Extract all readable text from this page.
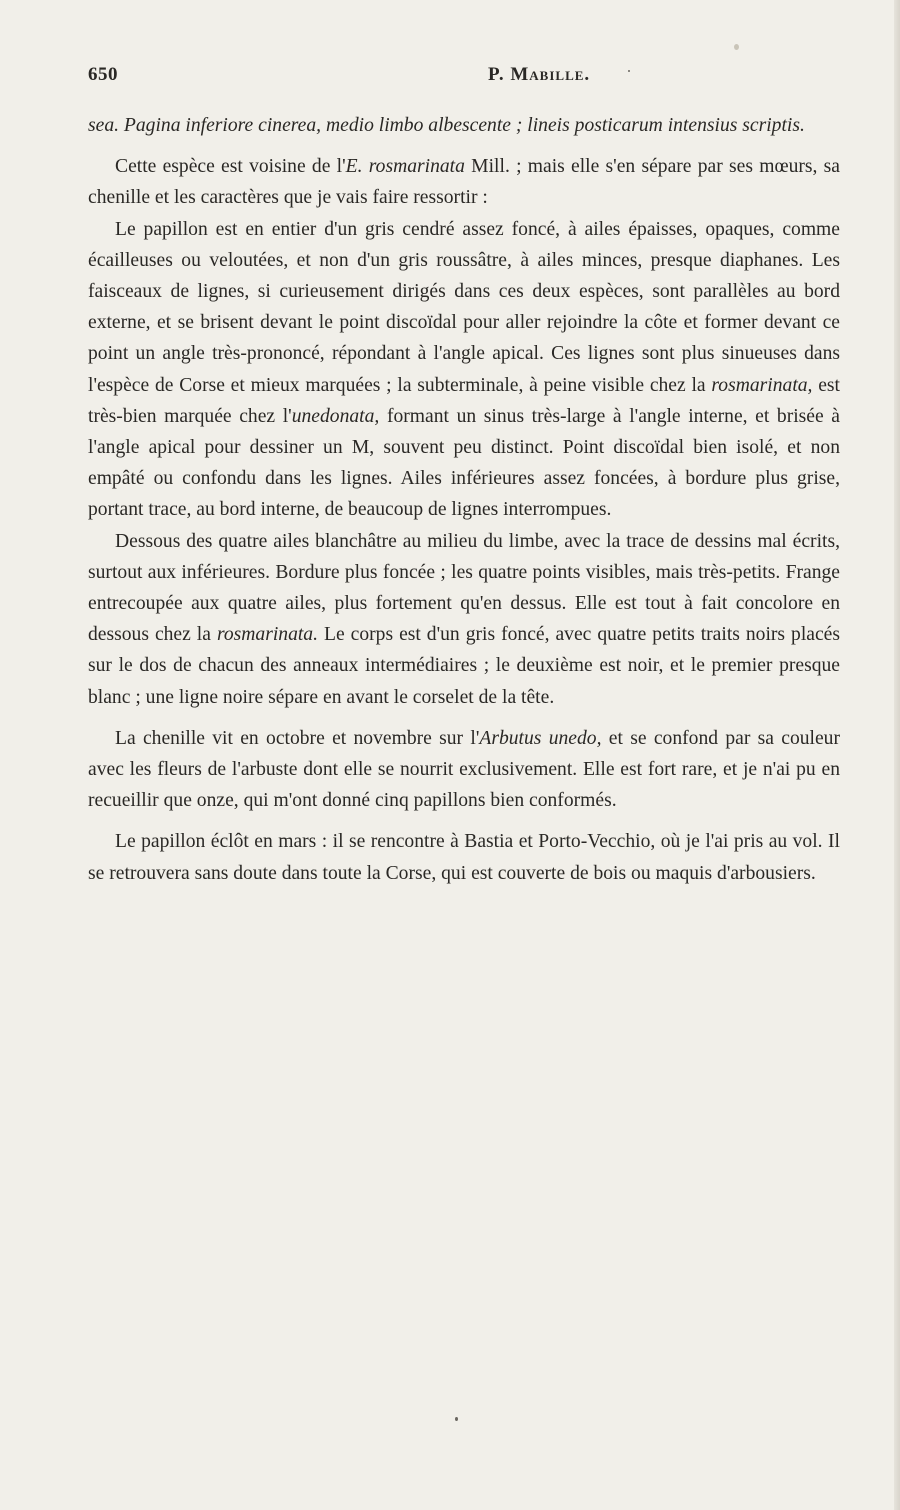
650	P. Mabille.

sea. Pagina inferiore cinerea, medio limbo albescente ; lineis posticarum intensius scriptis.

Cette espèce est voisine de l'E. rosmarinata Mill. ; mais elle s'en sépare par ses mœurs, sa chenille et les caractères que je vais faire ressortir :

Le papillon est en entier d'un gris cendré assez foncé, à ailes épaisses, opaques, comme écailleuses ou veloutées, et non d'un gris roussâtre, à ailes minces, presque diaphanes. Les faisceaux de lignes, si curieusement dirigés dans ces deux espèces, sont parallèles au bord externe, et se brisent devant le point discoïdal pour aller rejoindre la côte et former devant ce point un angle très-prononcé, répondant à l'angle apical. Ces lignes sont plus sinueuses dans l'espèce de Corse et mieux marquées ; la subterminale, à peine visible chez la rosmarinata, est très-bien marquée chez l'unedonata, formant un sinus très-large à l'angle interne, et brisée à l'angle apical pour dessiner un M, souvent peu distinct. Point discoïdal bien isolé, et non empâté ou confondu dans les lignes. Ailes inférieures assez foncées, à bordure plus grise, portant trace, au bord interne, de beaucoup de lignes interrompues.

Dessous des quatre ailes blanchâtre au milieu du limbe, avec la trace de dessins mal écrits, surtout aux inférieures. Bordure plus foncée ; les quatre points visibles, mais très-petits. Frange entrecoupée aux quatre ailes, plus fortement qu'en dessus. Elle est tout à fait concolore en dessous chez la rosmarinata. Le corps est d'un gris foncé, avec quatre petits traits noirs placés sur le dos de chacun des anneaux intermédiaires ; le deuxième est noir, et le premier presque blanc ; une ligne noire sépare en avant le corselet de la tête.

La chenille vit en octobre et novembre sur l'Arbutus unedo, et se confond par sa couleur avec les fleurs de l'arbuste dont elle se nourrit exclusivement. Elle est fort rare, et je n'ai pu en recueillir que onze, qui m'ont donné cinq papillons bien conformés.

Le papillon éclôt en mars : il se rencontre à Bastia et Porto-Vecchio, où je l'ai pris au vol. Il se retrouvera sans doute dans toute la Corse, qui est couverte de bois ou maquis d'arbousiers.
